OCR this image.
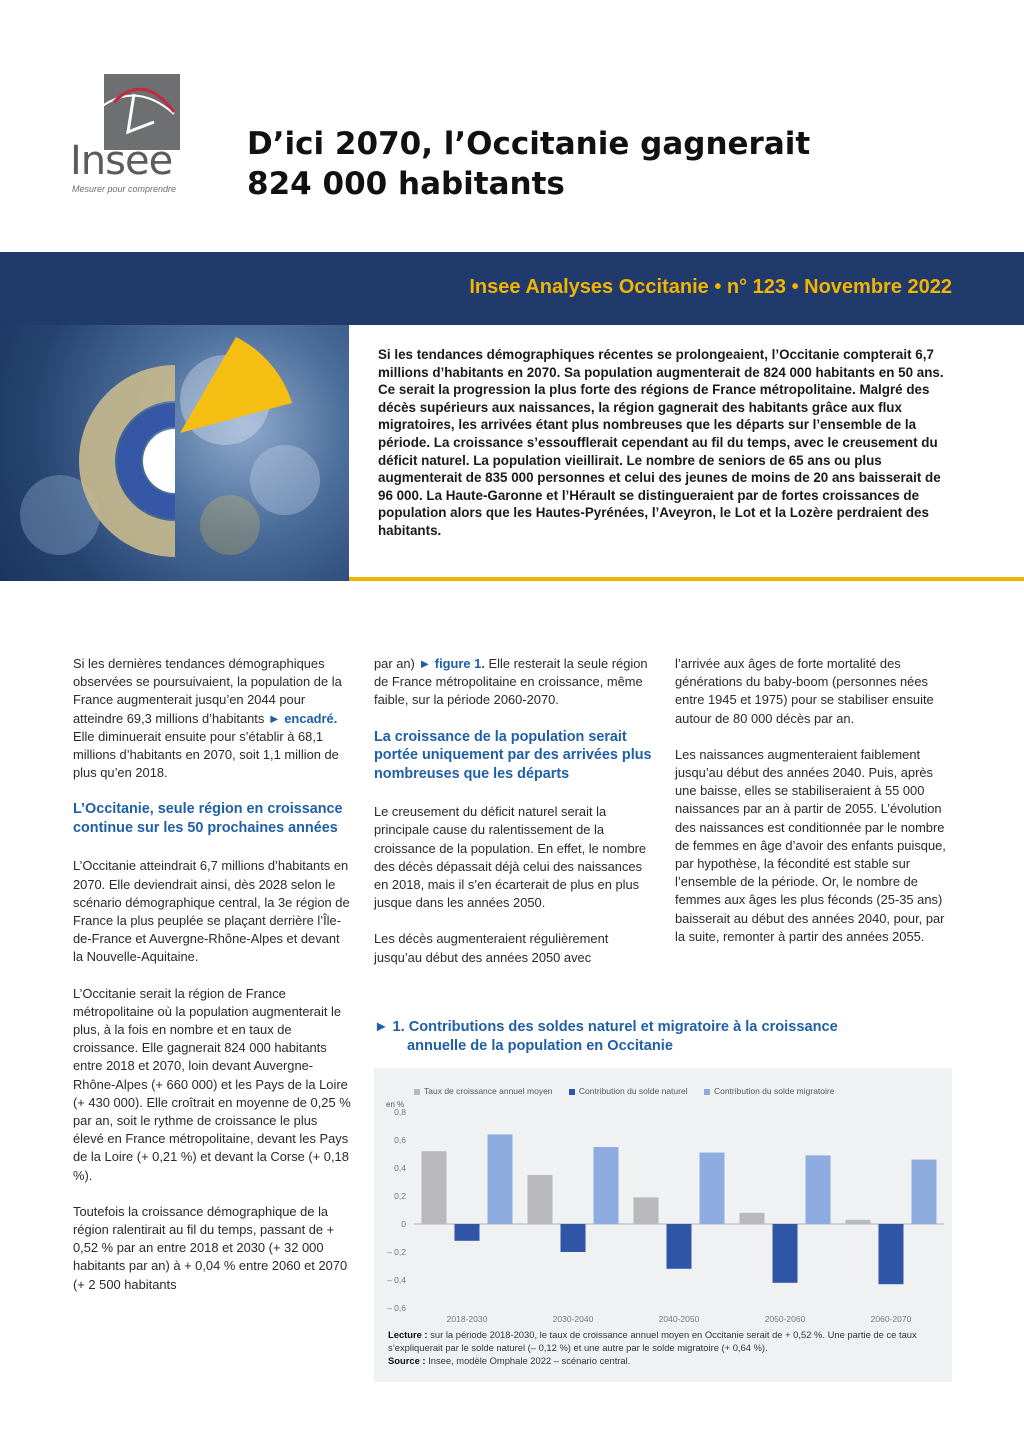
Insee
Mesurer pour comprendre
D’ici 2070, l’Occitanie gagnerait
824 000 habitants
Insee Analyses Occitanie • n° 123 • Novembre 2022
Si les tendances démographiques récentes se prolongeaient, l’Occitanie compterait 6,7 millions d’habitants en 2070. Sa population augmenterait de 824 000 habitants en 50 ans. Ce serait la progression la plus forte des régions de France métropolitaine. Malgré des décès supérieurs aux naissances, la région gagnerait des habitants grâce aux flux migratoires, les arrivées étant plus nombreuses que les départs sur l’ensemble de la période. La croissance s’essoufflerait cependant au fil du temps, avec le creusement du déficit naturel. La population vieillirait. Le nombre de seniors de 65 ans ou plus augmenterait de 835 000 personnes et celui des jeunes de moins de 20 ans baisserait de 96 000. La Haute-Garonne et l’Hérault se distingueraient par de fortes croissances de population alors que les Hautes-Pyrénées, l’Aveyron, le Lot et la Lozère perdraient des habitants.

Si les dernières tendances démographiques observées se poursuivaient, la population de la France augmenterait jusqu’en 2044 pour atteindre 69,3 millions d’habitants ► encadré. Elle diminuerait ensuite pour s’établir à 68,1 millions d’habitants en 2070, soit 1,1 million de plus qu’en 2018.

L’Occitanie, seule région en croissance continue sur les 50 prochaines années

L’Occitanie atteindrait 6,7 millions d’habitants en 2070. Elle deviendrait ainsi, dès 2028 selon le scénario démographique central, la 3e région de France la plus peuplée se plaçant derrière l’Île-de-France et Auvergne-Rhône-Alpes et devant la Nouvelle-Aquitaine.

L’Occitanie serait la région de France métropolitaine où la population augmenterait le plus, à la fois en nombre et en taux de croissance. Elle gagnerait 824 000 habitants entre 2018 et 2070, loin devant Auvergne-Rhône-Alpes (+ 660 000) et les Pays de la Loire (+ 430 000). Elle croîtrait en moyenne de 0,25 % par an, soit le rythme de croissance le plus élevé en France métropolitaine, devant les Pays de la Loire (+ 0,21 %) et devant la Corse (+ 0,18 %).

Toutefois la croissance démographique de la région ralentirait au fil du temps, passant de + 0,52 % par an entre 2018 et 2030 (+ 32 000 habitants par an) à + 0,04 % entre 2060 et 2070 (+ 2 500 habitants

par an) ► figure 1. Elle resterait la seule région de France métropolitaine en croissance, même faible, sur la période 2060-2070.

La croissance de la population serait portée uniquement par des arrivées plus nombreuses que les départs

Le creusement du déficit naturel serait la principale cause du ralentissement de la croissance de la population. En effet, le nombre des décès dépassait déjà celui des naissances en 2018, mais il s’en écarterait de plus en plus jusque dans les années 2050.

Les décès augmenteraient régulièrement jusqu’au début des années 2050 avec

l’arrivée aux âges de forte mortalité des générations du baby-boom (personnes nées entre 1945 et 1975) pour se stabiliser ensuite autour de 80 000 décès par an.

Les naissances augmenteraient faiblement jusqu’au début des années 2040. Puis, après une baisse, elles se stabiliseraient à 55 000 naissances par an à partir de 2055. L’évolution des naissances est conditionnée par le nombre de femmes en âge d’avoir des enfants puisque, par hypothèse, la fécondité est stable sur l’ensemble de la période. Or, le nombre de femmes aux âges les plus féconds (25-35 ans) baisserait au début des années 2040, pour, par la suite, remonter à partir des années 2055.

► 1. Contributions des soldes naturel et migratoire à la croissance
annuelle de la population en Occitanie
Taux de croissance annuel moyen	Contribution du solde naturel	Contribution du solde migratoire
en %
0,8
0,6
0,4
0,2
0
– 0,2
– 0,4
– 0,6
2018-2030	2030-2040	2040-2050	2050-2060	2060-2070
Lecture : sur la période 2018-2030, le taux de croissance annuel moyen en Occitanie serait de + 0,52 %. Une partie de ce taux s’expliquerait par le solde naturel (– 0,12 %) et une autre par le solde migratoire (+ 0,64 %).
Source : Insee, modèle Omphale 2022 – scénario central.
